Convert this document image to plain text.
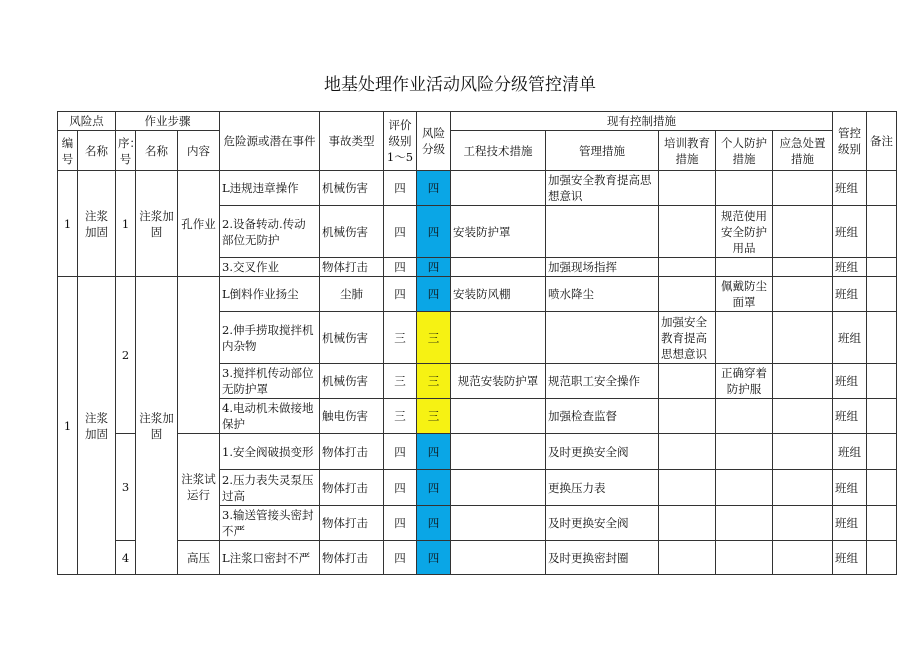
地基处理作业活动风险分级管控清单
风险点		作业步骤			危险源或潜在事件	事故类型	评价级别1～5	风险分级	现有控制措施					管控级别	备注
编号	名称	序：号	名称	内容					工程技术措施	管理措施	培训教育措施	个人防护措施	应急处置措施		
1	注浆加固	1	注浆加固	孔作业	L违规违章操作	机械伤害	四	四		加强安全教育提高思想意识				班组	
					2.设备转动.传动部位无防护	机械伤害	四	四	安装防护罩			规范使用安全防护用品		班组	
					3.交叉作业	物体打击	四	四		加强现场指挥				班组	
1	注浆加固	2	注浆加固		L倒料作业扬尘	尘肺	四	四	安装防风棚	喷水降尘		佩戴防尘面罩		班组	
					2.伸手捞取搅拌机内杂物	机械伤害	三	三			加强安全教育提高思想意识			班组	
					3.搅拌机传动部位无防护罩	机械伤害	三	三	规范安装防护罩	规范职工安全操作		正确穿着防护服		班组	
					4.电动机未做接地保护	触电伤害	三	三		加强检查监督				班组	
		3		注浆试运行	1.安全阀破损变形	物体打击	四	四		及时更换安全阀				班组	
					2.压力表失灵泵压过高	物体打击	四	四		更换压力表				班组	
					3.输送管接头密封不严	物体打击	四	四		及时更换安全阀				班组	
		4		高压	L注浆口密封不严	物体打击	四	四		及时更换密封圈				班组	
